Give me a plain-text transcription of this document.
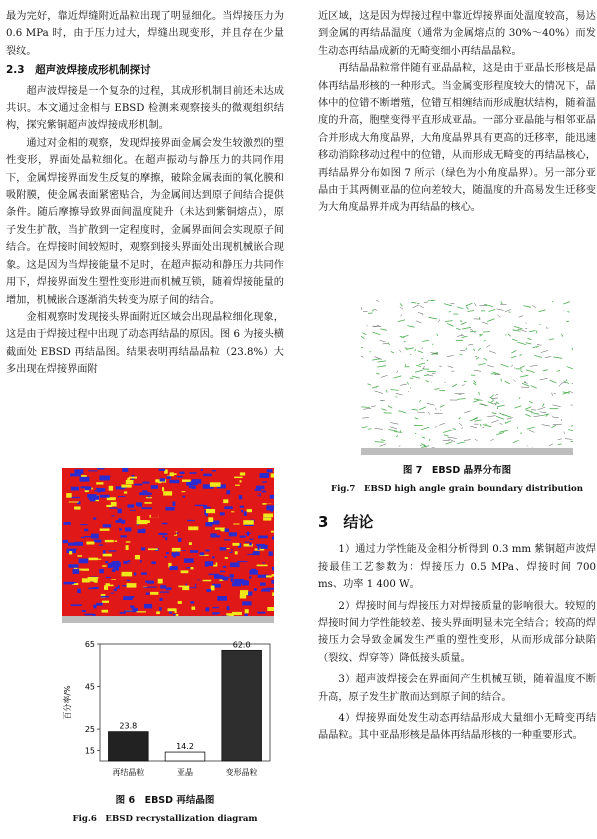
最为完好，靠近焊缝附近晶粒出现了明显细化。当焊接压力为 0.6 MPa 时，由于压力过大，焊缝出现变形，并且存在少量裂纹。

2.3　超声波焊接成形机制探讨

超声波焊接是一个复杂的过程，其成形机制目前还未达成共识。本文通过金相与 EBSD 检测来观察接头的微观组织结构，探究紫铜超声波焊接成形机制。

通过对金相的观察，发现焊接界面金属会发生较激烈的塑性变形，界面处晶粒细化。在超声振动与静压力的共同作用下，金属焊接界面发生反复的摩擦，破除金属表面的氧化膜和吸附膜，使金属表面紧密贴合，为金属间达到原子间结合提供条件。随后摩擦导致界面间温度陡升（未达到紫铜熔点），原子发生扩散，当扩散到一定程度时，金属界面间会实现原子间结合。在焊接时间较短时，观察到接头界面处出现机械嵌合现象。这是因为当焊接能量不足时，在超声振动和静压力共同作用下，焊接界面发生塑性变形进而机械互锁，随着焊接能量的增加，机械嵌合逐渐消失转变为原子间的结合。

金相观察时发现接头界面附近区域会出现晶粒细化现象，这是由于焊接过程中出现了动态再结晶的原因。图 6 为接头横截面处 EBSD 再结晶图。结果表明再结晶晶粒（23.8%）大多出现在焊接界面附

15
25
45
65
百分率/%
23.8
再结晶粒
14.2
亚晶
62.0
变形晶粒
图 6　EBSD 再结晶图
Fig.6　EBSD recrystallization diagram

近区域，这是因为焊接过程中靠近焊接界面处温度较高，易达到金属的再结晶温度（通常为金属熔点的 30%～40%）而发生动态再结晶成新的无畸变细小再结晶晶粒。

再结晶晶粒常伴随有亚晶晶粒，这是由于亚晶长形核是晶体再结晶形核的一种形式。当金属变形程度较大的情况下，晶体中的位错不断增殖，位错互相缠结而形成胞状结构，随着温度的升高，胞壁变得平直形成亚晶。一部分亚晶能与相邻亚晶合并形成大角度晶界，大角度晶界具有更高的迁移率，能迅速移动消除移动过程中的位错，从而形成无畸变的再结晶核心，再结晶界分布如图 7 所示（绿色为小角度晶界）。另一部分亚晶由于其两侧亚晶的位向差较大，随温度的升高易发生迁移变为大角度晶界并成为再结晶的核心。

图 7　EBSD 晶界分布图
Fig.7　EBSD high angle grain boundary distribution
3　结论

1）通过力学性能及金相分析得到 0.3 mm 紫铜超声波焊接最佳工艺参数为：焊接压力 0.5 MPa、焊接时间 700 ms、功率 1 400 W。

2）焊接时间与焊接压力对焊接质量的影响很大。较短的焊接时间力学性能较差、接头界面明显未完全结合；较高的焊接压力会导致金属发生严重的塑性变形，从而形成部分缺陷（裂纹、焊穿等）降低接头质量。

3）超声波焊接会在界面间产生机械互锁，随着温度不断升高，原子发生扩散而达到原子间的结合。

4）焊接界面处发生动态再结晶形成大量细小无畸变再结晶晶粒。其中亚晶形核是晶体再结晶形核的一种重要形式。
